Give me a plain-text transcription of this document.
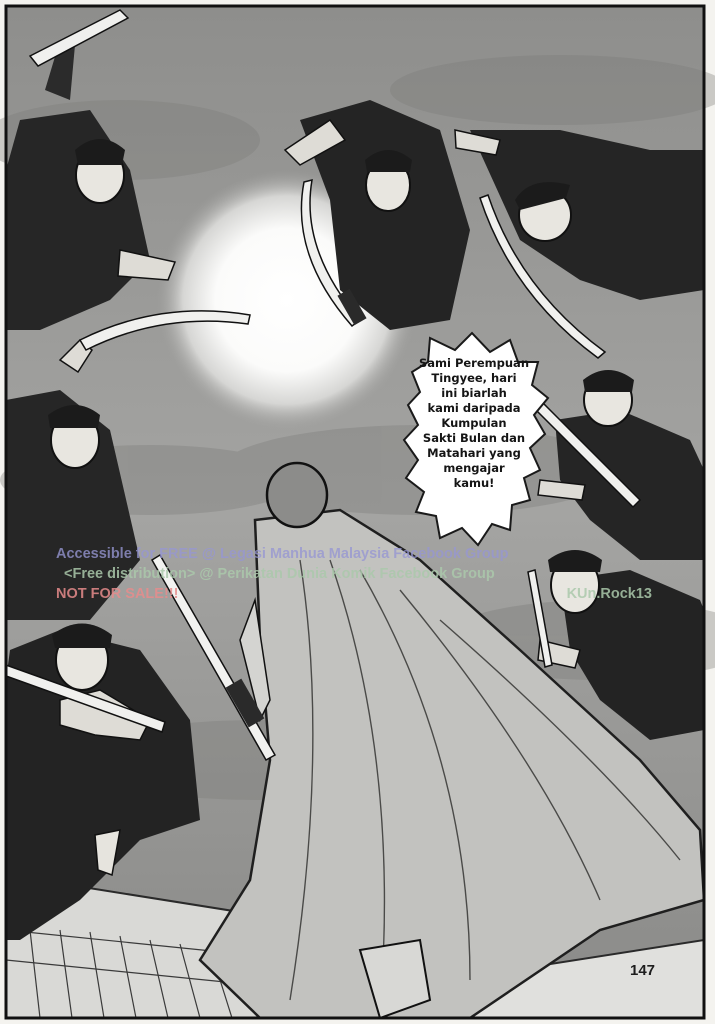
Sami Perempuan
Tingyee, hari
ini biarlah
kami daripada
Kumpulan
Sakti Bulan dan
Matahari yang
mengajar
kamu!
Accessible for FREE @ Legasi Manhua Malaysia Facebook Group
<Free distribution> @ Perikatan Dunia Komik Facebook Group
NOT FOR SALE!!!	KUn.Rock13
147
